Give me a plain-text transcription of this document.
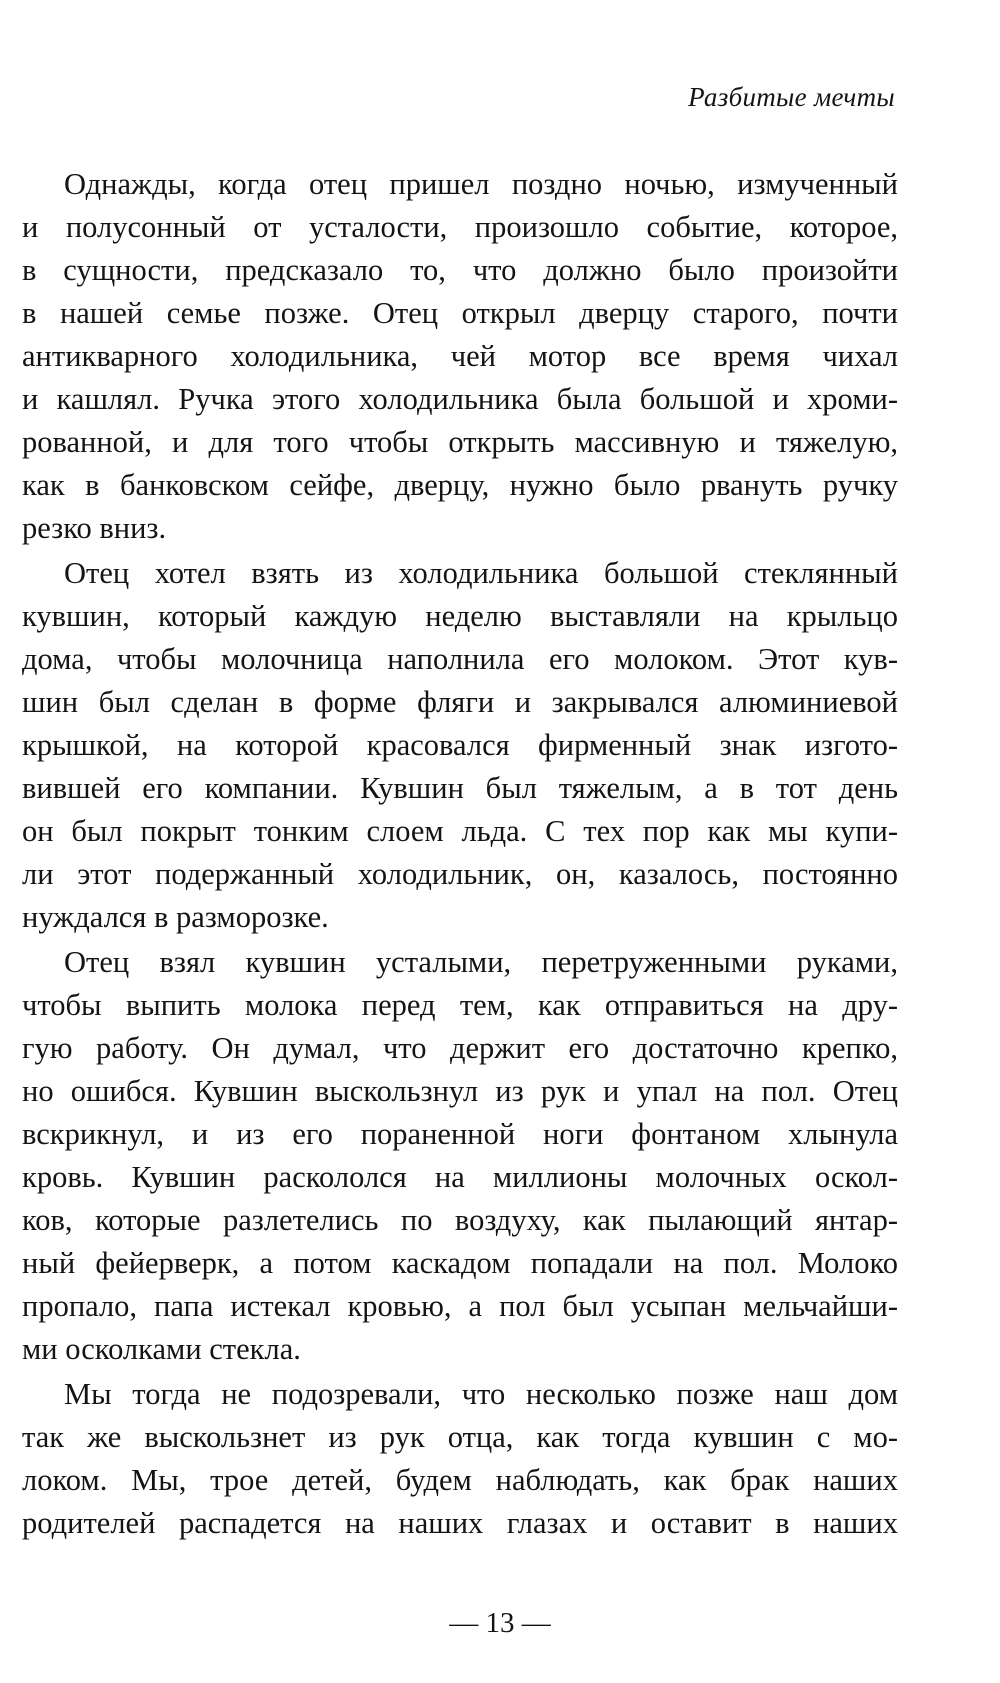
Разбитые мечты
Однажды, когда отец пришел поздно ночью, измученный
и полусонный от усталости, произошло событие, которое,
в сущности, предсказало то, что должно было произойти
в нашей семье позже. Отец открыл дверцу старого, почти
антикварного холодильника, чей мотор все время чихал
и кашлял. Ручка этого холодильника была большой и хроми-
рованной, и для того чтобы открыть массивную и тяжелую,
как в банковском сейфе, дверцу, нужно было рвануть ручку
резко вниз.
Отец хотел взять из холодильника большой стеклянный
кувшин, который каждую неделю выставляли на крыльцо
дома, чтобы молочница наполнила его молоком. Этот кув-
шин был сделан в форме фляги и закрывался алюминиевой
крышкой, на которой красовался фирменный знак изгото-
вившей его компании. Кувшин был тяжелым, а в тот день
он был покрыт тонким слоем льда. С тех пор как мы купи-
ли этот подержанный холодильник, он, казалось, постоянно
нуждался в разморозке.
Отец взял кувшин усталыми, перетруженными руками,
чтобы выпить молока перед тем, как отправиться на дру-
гую работу. Он думал, что держит его достаточно крепко,
но ошибся. Кувшин выскользнул из рук и упал на пол. Отец
вскрикнул, и из его пораненной ноги фонтаном хлынула
кровь. Кувшин раскололся на миллионы молочных оскол-
ков, которые разлетелись по воздуху, как пылающий янтар-
ный фейерверк, а потом каскадом попадали на пол. Молоко
пропало, папа истекал кровью, а пол был усыпан мельчайши-
ми осколками стекла.
Мы тогда не подозревали, что несколько позже наш дом
так же выскользнет из рук отца, как тогда кувшин с мо-
локом. Мы, трое детей, будем наблюдать, как брак наших
родителей распадется на наших глазах и оставит в наших
— 13 —
